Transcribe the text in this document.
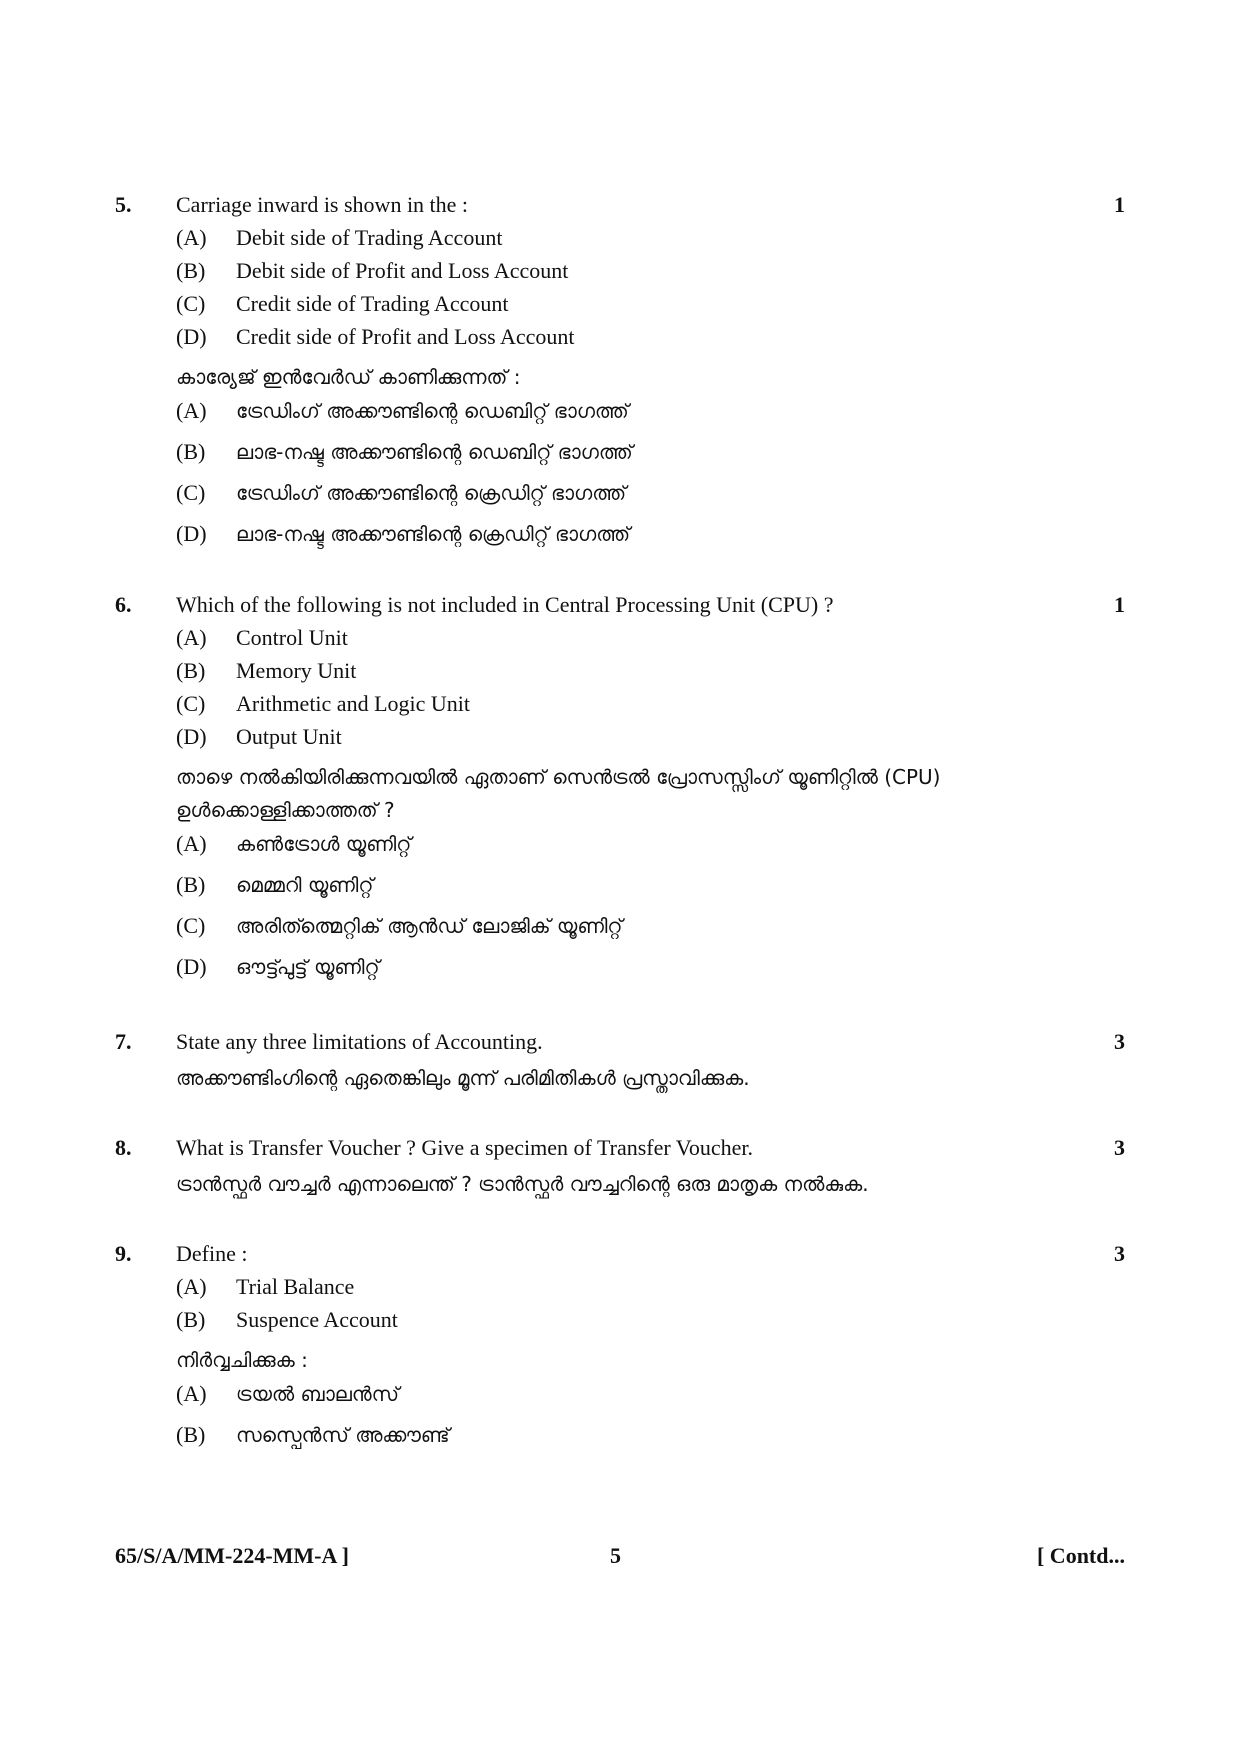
5.	Carriage inward is shown in the :	1
(A)	Debit side of Trading Account
(B)	Debit side of Profit and Loss Account
(C)	Credit side of Trading Account
(D)	Credit side of Profit and Loss Account
കാര്യേജ് ഇൻവേർഡ് കാണിക്കുന്നത് :
(A)	ട്രേഡിംഗ് അക്കൗണ്ടിന്റെ ഡെബിറ്റ് ഭാഗത്ത്
(B)	ലാഭ-നഷ്ട അക്കൗണ്ടിന്റെ ഡെബിറ്റ് ഭാഗത്ത്
(C)	ട്രേഡിംഗ് അക്കൗണ്ടിന്റെ ക്രെഡിറ്റ് ഭാഗത്ത്
(D)	ലാഭ-നഷ്ട അക്കൗണ്ടിന്റെ ക്രെഡിറ്റ് ഭാഗത്ത്
6.	Which of the following is not included in Central Processing Unit (CPU) ?	1
(A)	Control Unit
(B)	Memory Unit
(C)	Arithmetic and Logic Unit
(D)	Output Unit
താഴെ നൽകിയിരിക്കുന്നവയിൽ ഏതാണ് സെൻട്രൽ പ്രോസസ്സിംഗ് യൂണിറ്റിൽ (CPU)
ഉൾക്കൊള്ളിക്കാത്തത് ?
(A)	കൺട്രോൾ യൂണിറ്റ്
(B)	മെമ്മറി യൂണിറ്റ്
(C)	അരിത്ത്മെറ്റിക് ആൻഡ് ലോജിക് യൂണിറ്റ്
(D)	ഔട്ട്പുട്ട് യൂണിറ്റ്
7.	State any three limitations of Accounting.	3
അക്കൗണ്ടിംഗിന്റെ ഏതെങ്കിലും മൂന്ന് പരിമിതികൾ പ്രസ്താവിക്കുക.
8.	What is Transfer Voucher ? Give a specimen of Transfer Voucher.	3
ട്രാൻസ്ഫർ വൗച്ചർ എന്നാലെന്ത് ? ട്രാൻസ്ഫർ വൗച്ചറിന്റെ ഒരു മാതൃക നൽകുക.
9.	Define :	3
(A)	Trial Balance
(B)	Suspence Account
നിർവ്വചിക്കുക :
(A)	ട്രയൽ ബാലൻസ്
(B)	സസ്പെൻസ് അക്കൗണ്ട്
65/S/A/MM-224-MM-A ]	5	[ Contd...
